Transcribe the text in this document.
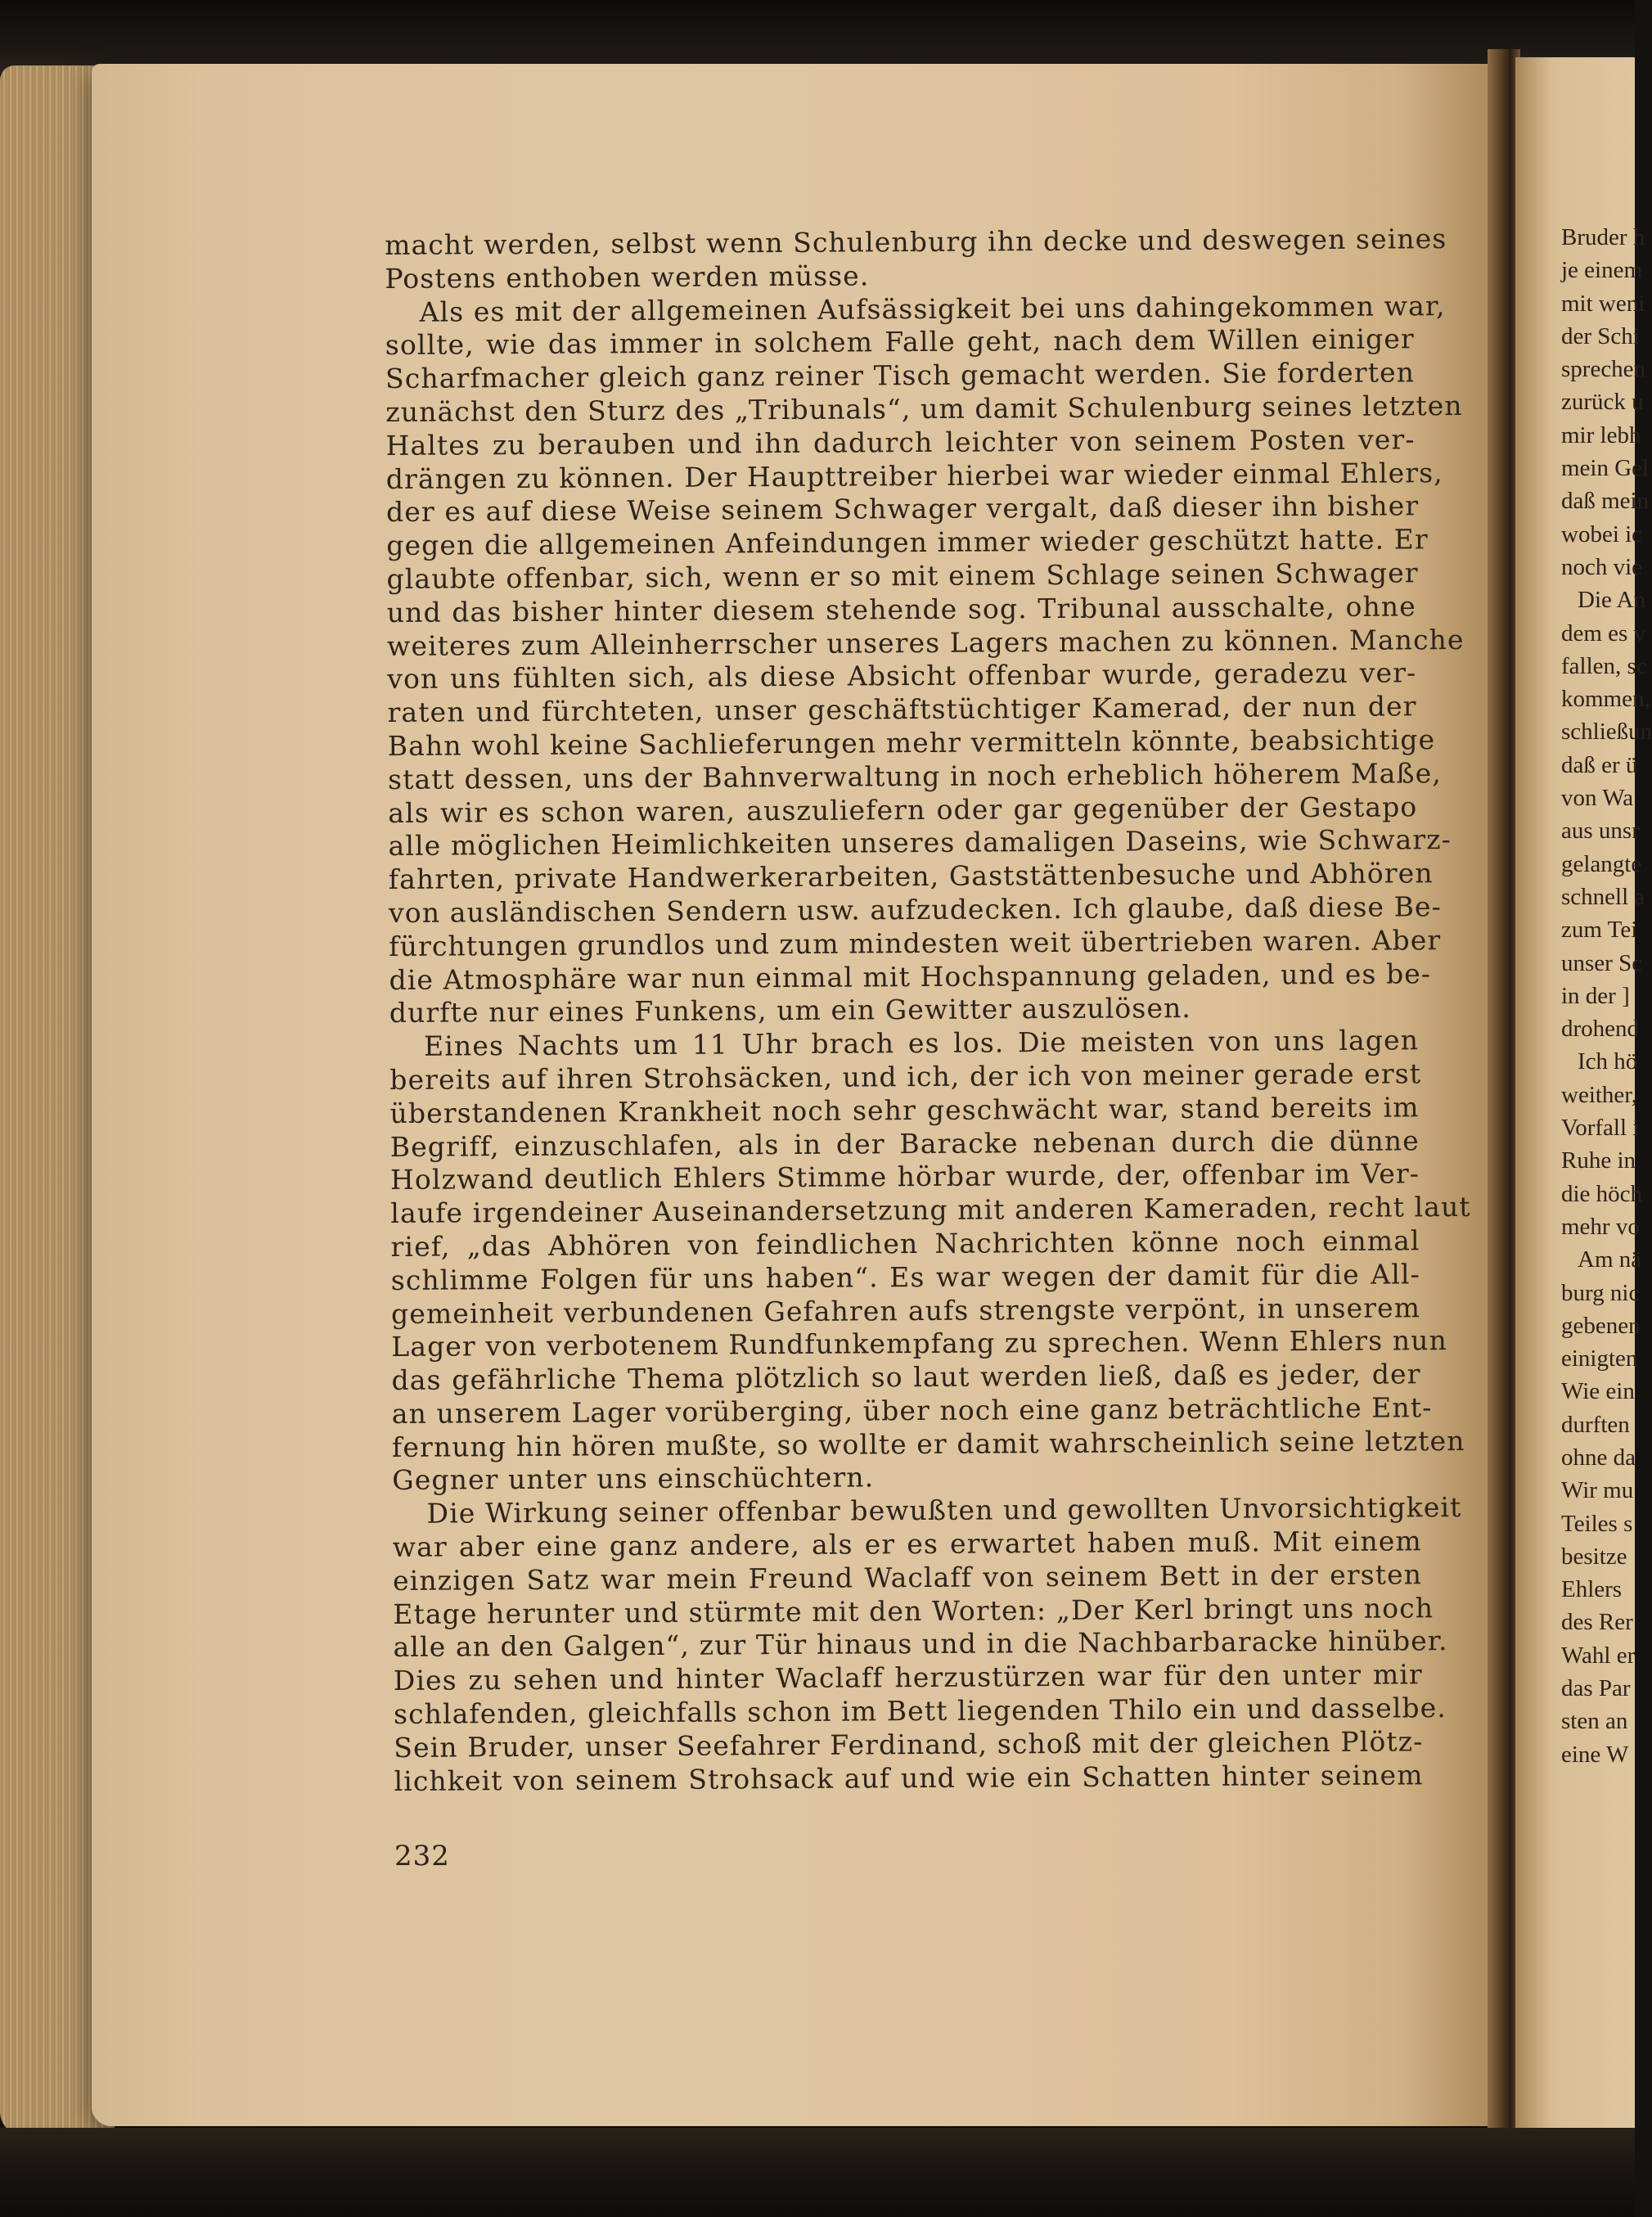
Bruder h
je einem
mit weni
der Schi
sprechen
zurück u
mir lebh
mein Gel
daß mein
wobei ic
noch vie
Die An
dem es v
fallen, sc
kommen,
schließun
daß er ü
von Wa
aus unsr
gelangte
schnell a
zum Tei
unser Sc
in der ]
drohend
Ich hö
weither,
Vorfall i
Ruhe in
die höch
mehr vo
Am nä
burg nic
gebenen
einigten
Wie ein
durften
ohne da
Wir mu
Teiles s
besitze
Ehlers
des Rer
Wahl er
das Par
sten an
eine W
macht werden, selbst wenn Schulenburg ihn decke und deswegen seines
Postens enthoben werden müsse.
Als es mit der allgemeinen Aufsässigkeit bei uns dahingekommen war,
sollte, wie das immer in solchem Falle geht, nach dem Willen einiger
Scharfmacher gleich ganz reiner Tisch gemacht werden. Sie forderten
zunächst den Sturz des „Tribunals“, um damit Schulenburg seines letzten
Haltes zu berauben und ihn dadurch leichter von seinem Posten ver-
drängen zu können. Der Haupttreiber hierbei war wieder einmal Ehlers,
der es auf diese Weise seinem Schwager vergalt, daß dieser ihn bisher
gegen die allgemeinen Anfeindungen immer wieder geschützt hatte. Er
glaubte offenbar, sich, wenn er so mit einem Schlage seinen Schwager
und das bisher hinter diesem stehende sog. Tribunal ausschalte, ohne
weiteres zum Alleinherrscher unseres Lagers machen zu können. Manche
von uns fühlten sich, als diese Absicht offenbar wurde, geradezu ver-
raten und fürchteten, unser geschäftstüchtiger Kamerad, der nun der
Bahn wohl keine Sachlieferungen mehr vermitteln könnte, beabsichtige
statt dessen, uns der Bahnverwaltung in noch erheblich höherem Maße,
als wir es schon waren, auszuliefern oder gar gegenüber der Gestapo
alle möglichen Heimlichkeiten unseres damaligen Daseins, wie Schwarz-
fahrten, private Handwerkerarbeiten, Gaststättenbesuche und Abhören
von ausländischen Sendern usw. aufzudecken. Ich glaube, daß diese Be-
fürchtungen grundlos und zum mindesten weit übertrieben waren. Aber
die Atmosphäre war nun einmal mit Hochspannung geladen, und es be-
durfte nur eines Funkens, um ein Gewitter auszulösen.
Eines Nachts um 11 Uhr brach es los. Die meisten von uns lagen
bereits auf ihren Strohsäcken, und ich, der ich von meiner gerade erst
überstandenen Krankheit noch sehr geschwächt war, stand bereits im
Begriff, einzuschlafen, als in der Baracke nebenan durch die dünne
Holzwand deutlich Ehlers Stimme hörbar wurde, der, offenbar im Ver-
laufe irgendeiner Auseinandersetzung mit anderen Kameraden, recht laut
rief, „das Abhören von feindlichen Nachrichten könne noch einmal
schlimme Folgen für uns haben“. Es war wegen der damit für die All-
gemeinheit verbundenen Gefahren aufs strengste verpönt, in unserem
Lager von verbotenem Rundfunkempfang zu sprechen. Wenn Ehlers nun
das gefährliche Thema plötzlich so laut werden ließ, daß es jeder, der
an unserem Lager vorüberging, über noch eine ganz beträchtliche Ent-
fernung hin hören mußte, so wollte er damit wahrscheinlich seine letzten
Gegner unter uns einschüchtern.
Die Wirkung seiner offenbar bewußten und gewollten Unvorsichtigkeit
war aber eine ganz andere, als er es erwartet haben muß. Mit einem
einzigen Satz war mein Freund Waclaff von seinem Bett in der ersten
Etage herunter und stürmte mit den Worten: „Der Kerl bringt uns noch
alle an den Galgen“, zur Tür hinaus und in die Nachbarbaracke hinüber.
Dies zu sehen und hinter Waclaff herzustürzen war für den unter mir
schlafenden, gleichfalls schon im Bett liegenden Thilo ein und dasselbe.
Sein Bruder, unser Seefahrer Ferdinand, schoß mit der gleichen Plötz-
lichkeit von seinem Strohsack auf und wie ein Schatten hinter seinem
232
